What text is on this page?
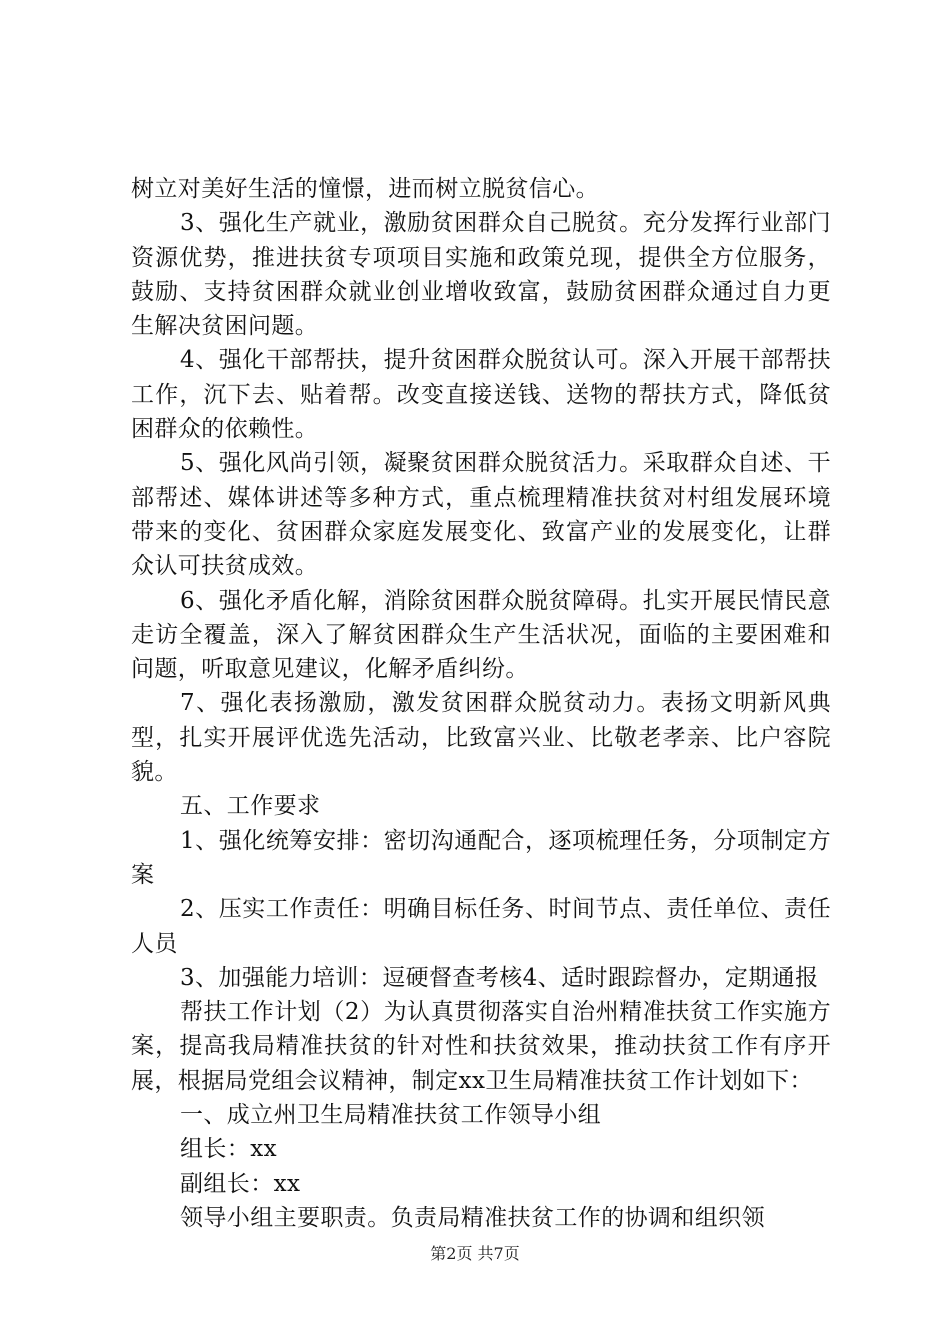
树立对美好生活的憧憬，进而树立脱贫信心。

3、强化生产就业，激励贫困群众自己脱贫。充分发挥行业部门资源优势，推进扶贫专项项目实施和政策兑现，提供全方位服务，鼓励、支持贫困群众就业创业增收致富，鼓励贫困群众通过自力更生解决贫困问题。

4、强化干部帮扶，提升贫困群众脱贫认可。深入开展干部帮扶工作，沉下去、贴着帮。改变直接送钱、送物的帮扶方式，降低贫困群众的依赖性。

5、强化风尚引领，凝聚贫困群众脱贫活力。采取群众自述、干部帮述、媒体讲述等多种方式，重点梳理精准扶贫对村组发展环境带来的变化、贫困群众家庭发展变化、致富产业的发展变化，让群众认可扶贫成效。

6、强化矛盾化解，消除贫困群众脱贫障碍。扎实开展民情民意走访全覆盖，深入了解贫困群众生产生活状况，面临的主要困难和问题，听取意见建议，化解矛盾纠纷。

7、强化表扬激励，激发贫困群众脱贫动力。表扬文明新风典型，扎实开展评优选先活动，比致富兴业、比敬老孝亲、比户容院貌。

五、工作要求

1、强化统筹安排：密切沟通配合，逐项梳理任务，分项制定方案

2、压实工作责任：明确目标任务、时间节点、责任单位、责任人员

3、加强能力培训：逗硬督查考核4、适时跟踪督办，定期通报

帮扶工作计划（2）为认真贯彻落实自治州精准扶贫工作实施方案，提高我局精准扶贫的针对性和扶贫效果，推动扶贫工作有序开展，根据局党组会议精神，制定xx卫生局精准扶贫工作计划如下：

一、成立州卫生局精准扶贫工作领导小组

组长：xx

副组长：xx

领导小组主要职责。负责局精准扶贫工作的协调和组织领

第2页 共7页
